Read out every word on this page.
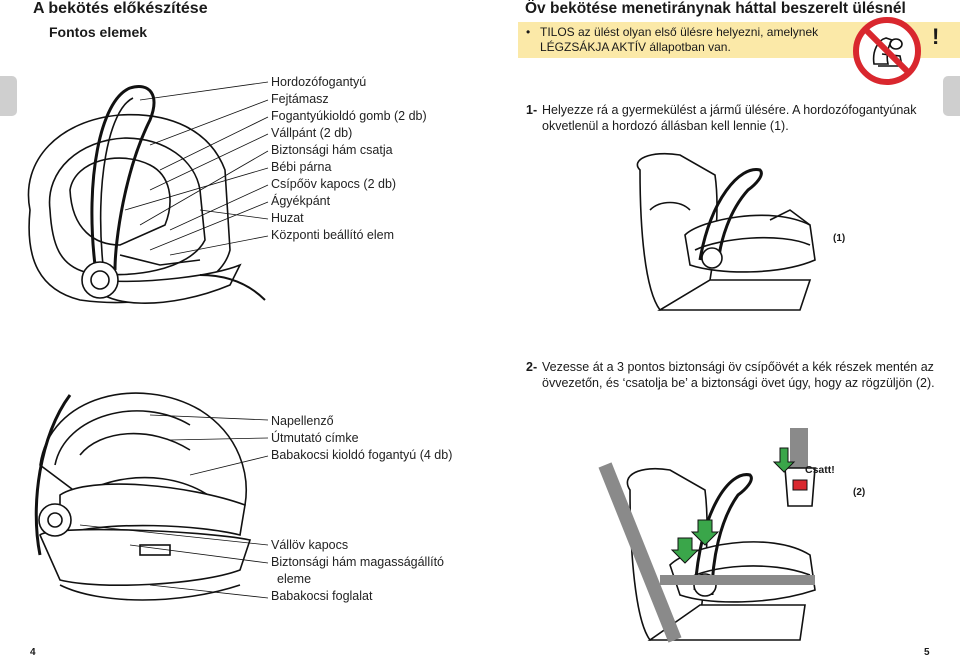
A bekötés előkészítése
Fontos elemek
Hordozófogantyú
Fejtámasz
Fogantyúkioldó gomb (2 db)
Vállpánt (2 db)
Biztonsági hám csatja
Bébi párna
Csípőöv kapocs (2 db)
Ágyékpánt
Huzat
Központi beállító elem
Napellenző
Útmutató címke
Babakocsi kioldó fogantyú (4 db)
Vállöv kapocs
Biztonsági hám magasságállító
eleme
Babakocsi foglalat
4
Öv bekötése menetiránynak háttal beszerelt ülésnél
• TILOS az ülést olyan első ülésre helyezni, amelynek
LÉGZSÁKJA AKTÍV állapotban van.	!
1- Helyezze rá a gyermekülést a jármű ülésére. A hordozófogantyúnak
okvetlenül a hordozó állásban kell lennie (1).
(1)
2- Vezesse át a 3 pontos biztonsági öv csípőövét a kék részek mentén az
övvezetőn, és ‘csatolja be’ a biztonsági övet úgy, hogy az rögzüljön (2).
Csatt!
(2)
5
